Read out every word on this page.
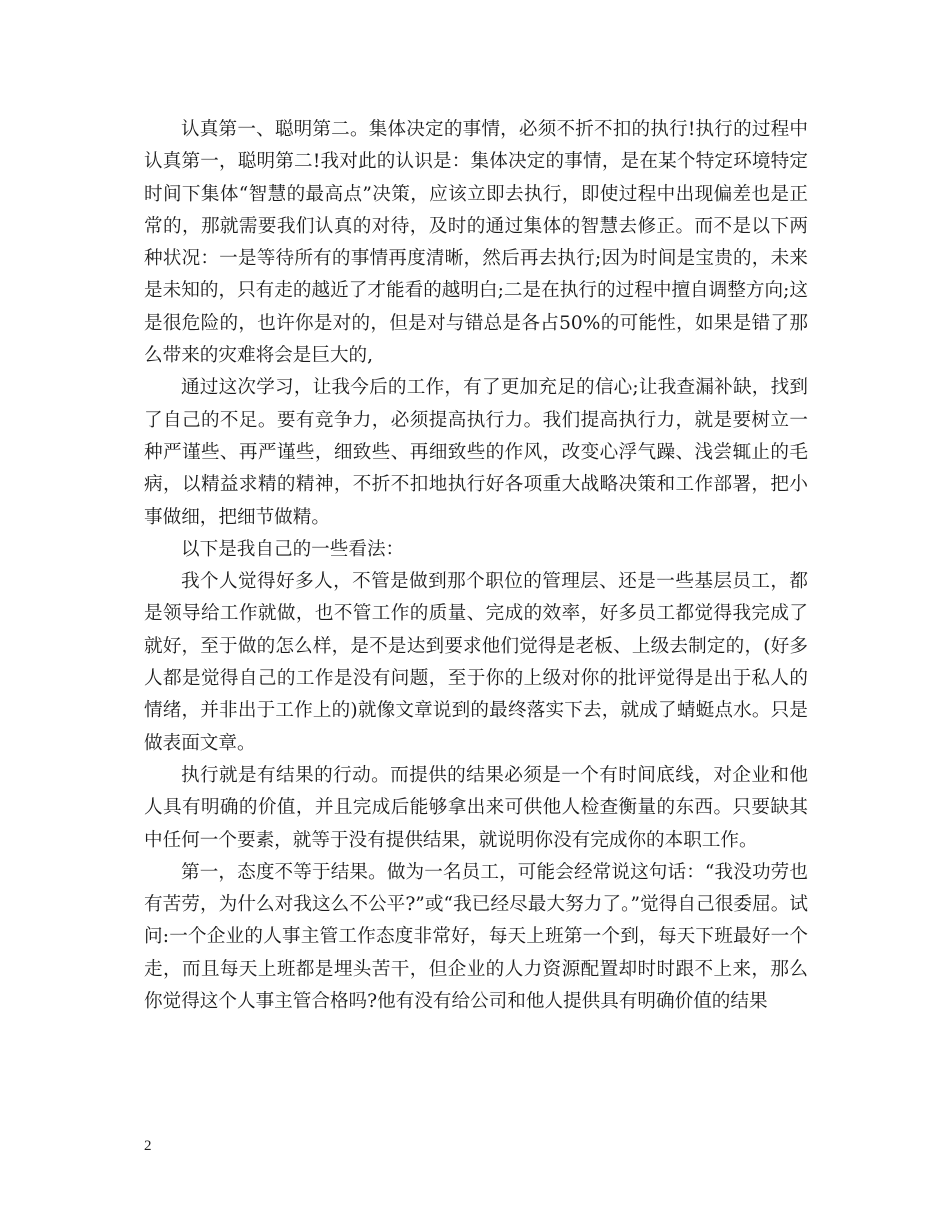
认真第一、聪明第二。集体决定的事情，必须不折不扣的执行!执行的过程中认真第一，聪明第二!我对此的认识是：集体决定的事情，是在某个特定环境特定时间下集体“智慧的最高点”决策，应该立即去执行，即使过程中出现偏差也是正常的，那就需要我们认真的对待，及时的通过集体的智慧去修正。而不是以下两种状况：一是等待所有的事情再度清晰，然后再去执行;因为时间是宝贵的，未来是未知的，只有走的越近了才能看的越明白;二是在执行的过程中擅自调整方向;这是很危险的，也许你是对的，但是对与错总是各占50%的可能性，如果是错了那么带来的灾难将会是巨大的,

通过这次学习，让我今后的工作，有了更加充足的信心;让我查漏补缺，找到了自己的不足。要有竞争力，必须提高执行力。我们提高执行力，就是要树立一种严谨些、再严谨些，细致些、再细致些的作风，改变心浮气躁、浅尝辄止的毛病，以精益求精的精神，不折不扣地执行好各项重大战略决策和工作部署，把小事做细，把细节做精。

以下是我自己的一些看法：

我个人觉得好多人，不管是做到那个职位的管理层、还是一些基层员工，都是领导给工作就做，也不管工作的质量、完成的效率，好多员工都觉得我完成了就好，至于做的怎么样，是不是达到要求他们觉得是老板、上级去制定的，(好多人都是觉得自己的工作是没有问题，至于你的上级对你的批评觉得是出于私人的情绪，并非出于工作上的)就像文章说到的最终落实下去，就成了蜻蜓点水。只是做表面文章。

执行就是有结果的行动。而提供的结果必须是一个有时间底线，对企业和他人具有明确的价值，并且完成后能够拿出来可供他人检查衡量的东西。只要缺其中任何一个要素，就等于没有提供结果，就说明你没有完成你的本职工作。

第一，态度不等于结果。做为一名员工，可能会经常说这句话：“我没功劳也有苦劳，为什么对我这么不公平?”或“我已经尽最大努力了。”觉得自己很委屈。试问:一个企业的人事主管工作态度非常好，每天上班第一个到，每天下班最好一个走，而且每天上班都是埋头苦干，但企业的人力资源配置却时时跟不上来，那么你觉得这个人事主管合格吗?他有没有给公司和他人提供具有明确价值的结果

2
